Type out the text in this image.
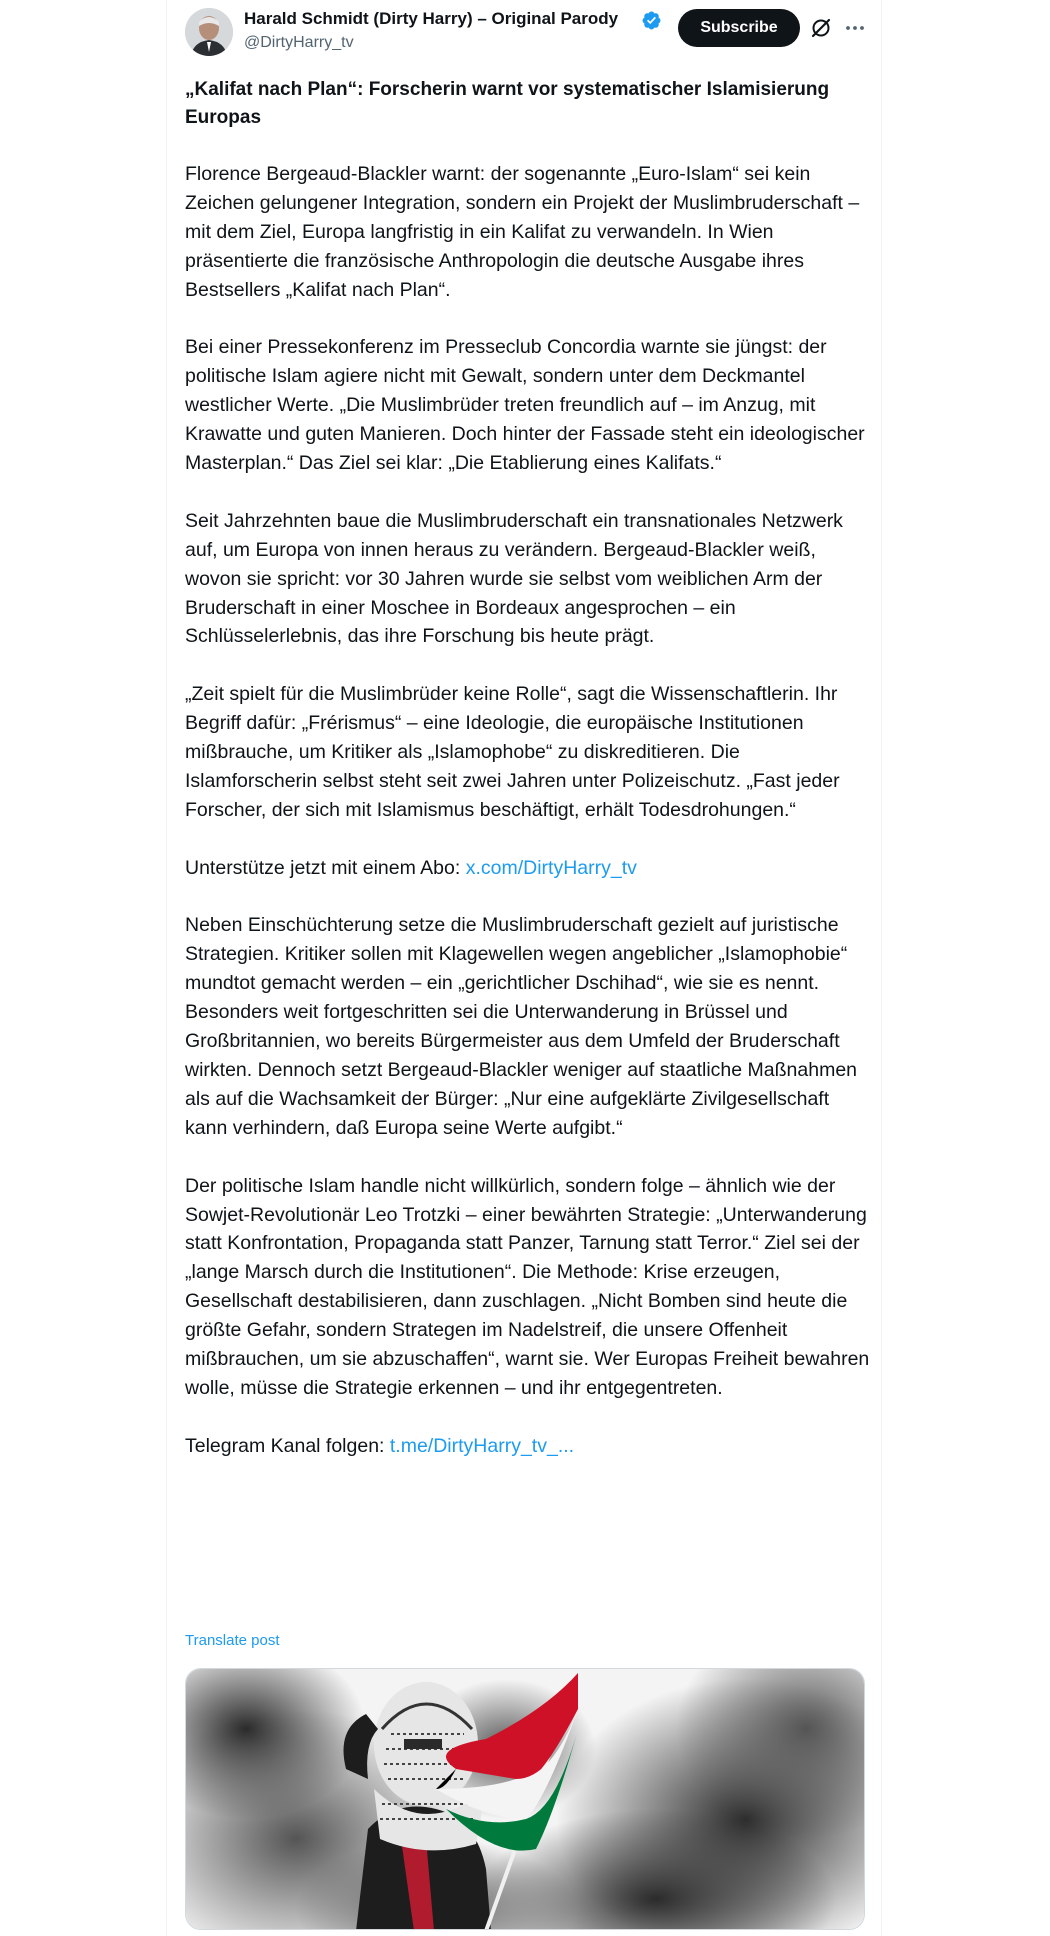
Harald Schmidt (Dirty Harry) – Original Parody
@DirtyHarry_tv
Subscribe
„Kalifat nach Plan“: Forscherin warnt vor systematischer Islamisierung Europas

Florence Bergeaud-Blackler warnt: der sogenannte „Euro-Islam“ sei kein Zeichen gelungener Integration, sondern ein Projekt der Muslimbruderschaft – mit dem Ziel, Europa langfristig in ein Kalifat zu verwandeln. In Wien präsentierte die französische Anthropologin die deutsche Ausgabe ihres Bestsellers „Kalifat nach Plan“.

Bei einer Pressekonferenz im Presseclub Concordia warnte sie jüngst: der politische Islam agiere nicht mit Gewalt, sondern unter dem Deckmantel westlicher Werte. „Die Muslimbrüder treten freundlich auf – im Anzug, mit Krawatte und guten Manieren. Doch hinter der Fassade steht ein ideologischer Masterplan.“ Das Ziel sei klar: „Die Etablierung eines Kalifats.“

Seit Jahrzehnten baue die Muslimbruderschaft ein transnationales Netzwerk auf, um Europa von innen heraus zu verändern. Bergeaud-Blackler weiß, wovon sie spricht: vor 30 Jahren wurde sie selbst vom weiblichen Arm der Bruderschaft in einer Moschee in Bordeaux angesprochen – ein Schlüsselerlebnis, das ihre Forschung bis heute prägt.

„Zeit spielt für die Muslimbrüder keine Rolle“, sagt die Wissenschaftlerin. Ihr Begriff dafür: „Frérismus“ – eine Ideologie, die europäische Institutionen mißbrauche, um Kritiker als „Islamophobe“ zu diskreditieren. Die Islamforscherin selbst steht seit zwei Jahren unter Polizeischutz. „Fast jeder Forscher, der sich mit Islamismus beschäftigt, erhält Todesdrohungen.“

Unterstütze jetzt mit einem Abo: x.com/DirtyHarry_tv

Neben Einschüchterung setze die Muslimbruderschaft gezielt auf juristische Strategien. Kritiker sollen mit Klagewellen wegen angeblicher „Islamophobie“ mundtot gemacht werden – ein „gerichtlicher Dschihad“, wie sie es nennt.

Besonders weit fortgeschritten sei die Unterwanderung in Brüssel und Großbritannien, wo bereits Bürgermeister aus dem Umfeld der Bruderschaft wirkten. Dennoch setzt Bergeaud-Blackler weniger auf staatliche Maßnahmen als auf die Wachsamkeit der Bürger: „Nur eine aufgeklärte Zivilgesellschaft kann verhindern, daß Europa seine Werte aufgibt.“

Der politische Islam handle nicht willkürlich, sondern folge – ähnlich wie der Sowjet-Revolutionär Leo Trotzki – einer bewährten Strategie: „Unterwanderung statt Konfrontation, Propaganda statt Panzer, Tarnung statt Terror.“ Ziel sei der „lange Marsch durch die Institutionen“. Die Methode: Krise erzeugen, Gesellschaft destabilisieren, dann zuschlagen. „Nicht Bomben sind heute die größte Gefahr, sondern Strategen im Nadelstreif, die unsere Offenheit mißbrauchen, um sie abzuschaffen“, warnt sie. Wer Europas Freiheit bewahren wolle, müsse die Strategie erkennen – und ihr entgegentreten.

Telegram Kanal folgen: t.me/DirtyHarry_tv_...

Translate post
